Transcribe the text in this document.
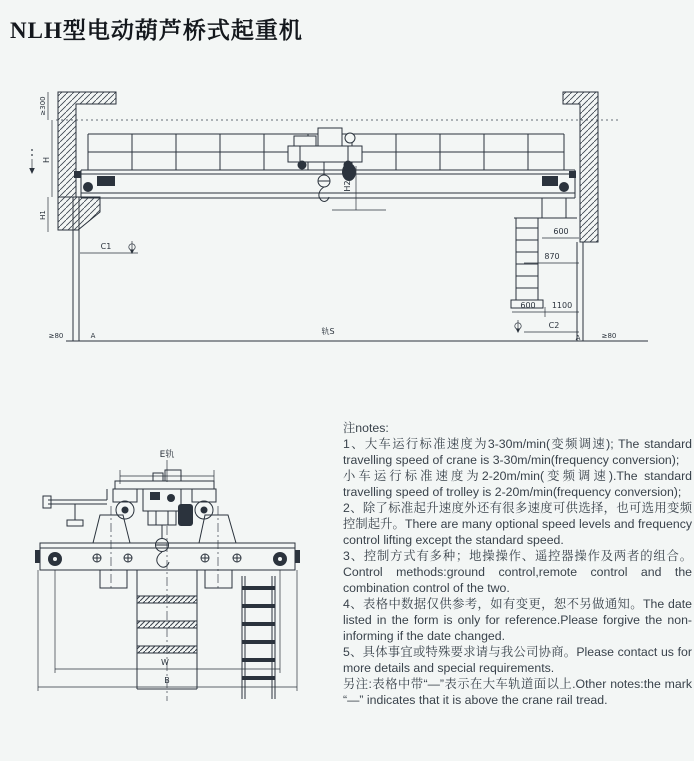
NLH型电动葫芦桥式起重机
H2
600
870
600 1100
C2
A	≥80
≥80	A	轨S
C1
≥300
H
H1
E轨
W
B

注notes:

1、大车运行标准速度为3-30m/min(变频调速); The standard travelling speed of crane is 3-30m/min(frequency conversion);

小车运行标准速度为2-20m/min(变频调速).The standard travelling speed of trolley is 2-20m/min(frequency conversion);

2、除了标准起升速度外还有很多速度可供选择，也可选用变频控制起升。There are many optional speed levels and frequency control lifting except the standard speed.

3、控制方式有多种；地操操作、遥控器操作及两者的组合。Control methods:ground control,remote control and the combination control of the two.

4、表格中数据仅供参考，如有变更，恕不另做通知。The date listed in the form is only for reference.Please forgive the non-informing if the date changed.

5、具体事宜或特殊要求请与我公司协商。Please contact us for more details and special requirements.

另注:表格中带“—”表示在大车轨道面以上.Other notes:the mark “—” indicates that it is above the crane rail tread.
